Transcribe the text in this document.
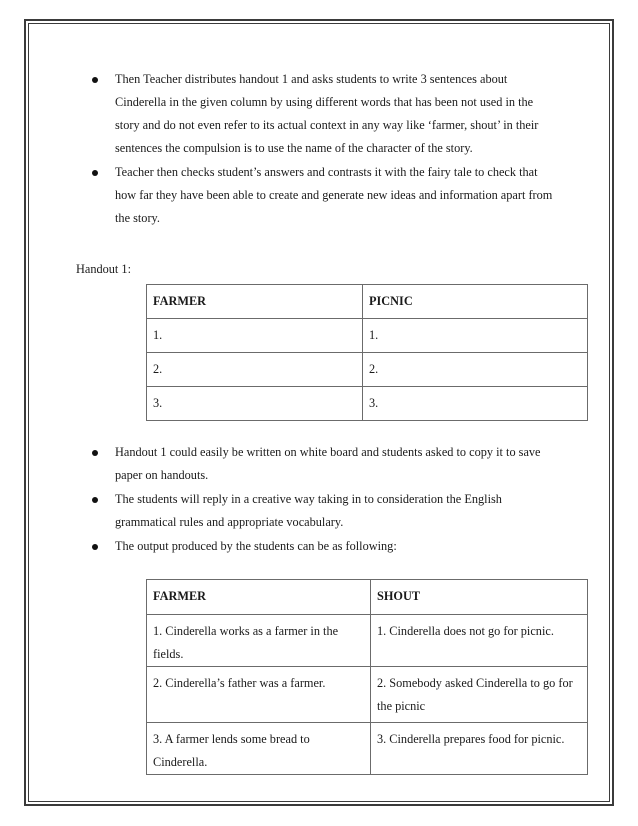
Then Teacher distributes handout 1 and asks students to write 3 sentences about Cinderella in the given column by using different words that has been not used in the story and do not even refer to its actual context in any way like ‘farmer, shout’ in their sentences the compulsion is to use the name of the character of the story.
Teacher then checks student’s answers and contrasts it with the fairy tale to check that how far they have been able to create and generate new ideas and information apart from the story.
Handout 1:
FARMER	PICNIC
1.	1.
2.	2.
3.	3.
Handout 1 could easily be written on white board and students asked to copy it to save paper on handouts.
The students will reply in a creative way taking in to consideration the English grammatical rules and appropriate vocabulary.
The output produced by the students can be as following:
FARMER	SHOUT
1. Cinderella works as a farmer in the fields.	1. Cinderella does not go for picnic.
2. Cinderella’s father was a farmer.	2. Somebody asked Cinderella to go for the picnic
3. A farmer lends some bread to Cinderella.	3. Cinderella prepares food for picnic.
